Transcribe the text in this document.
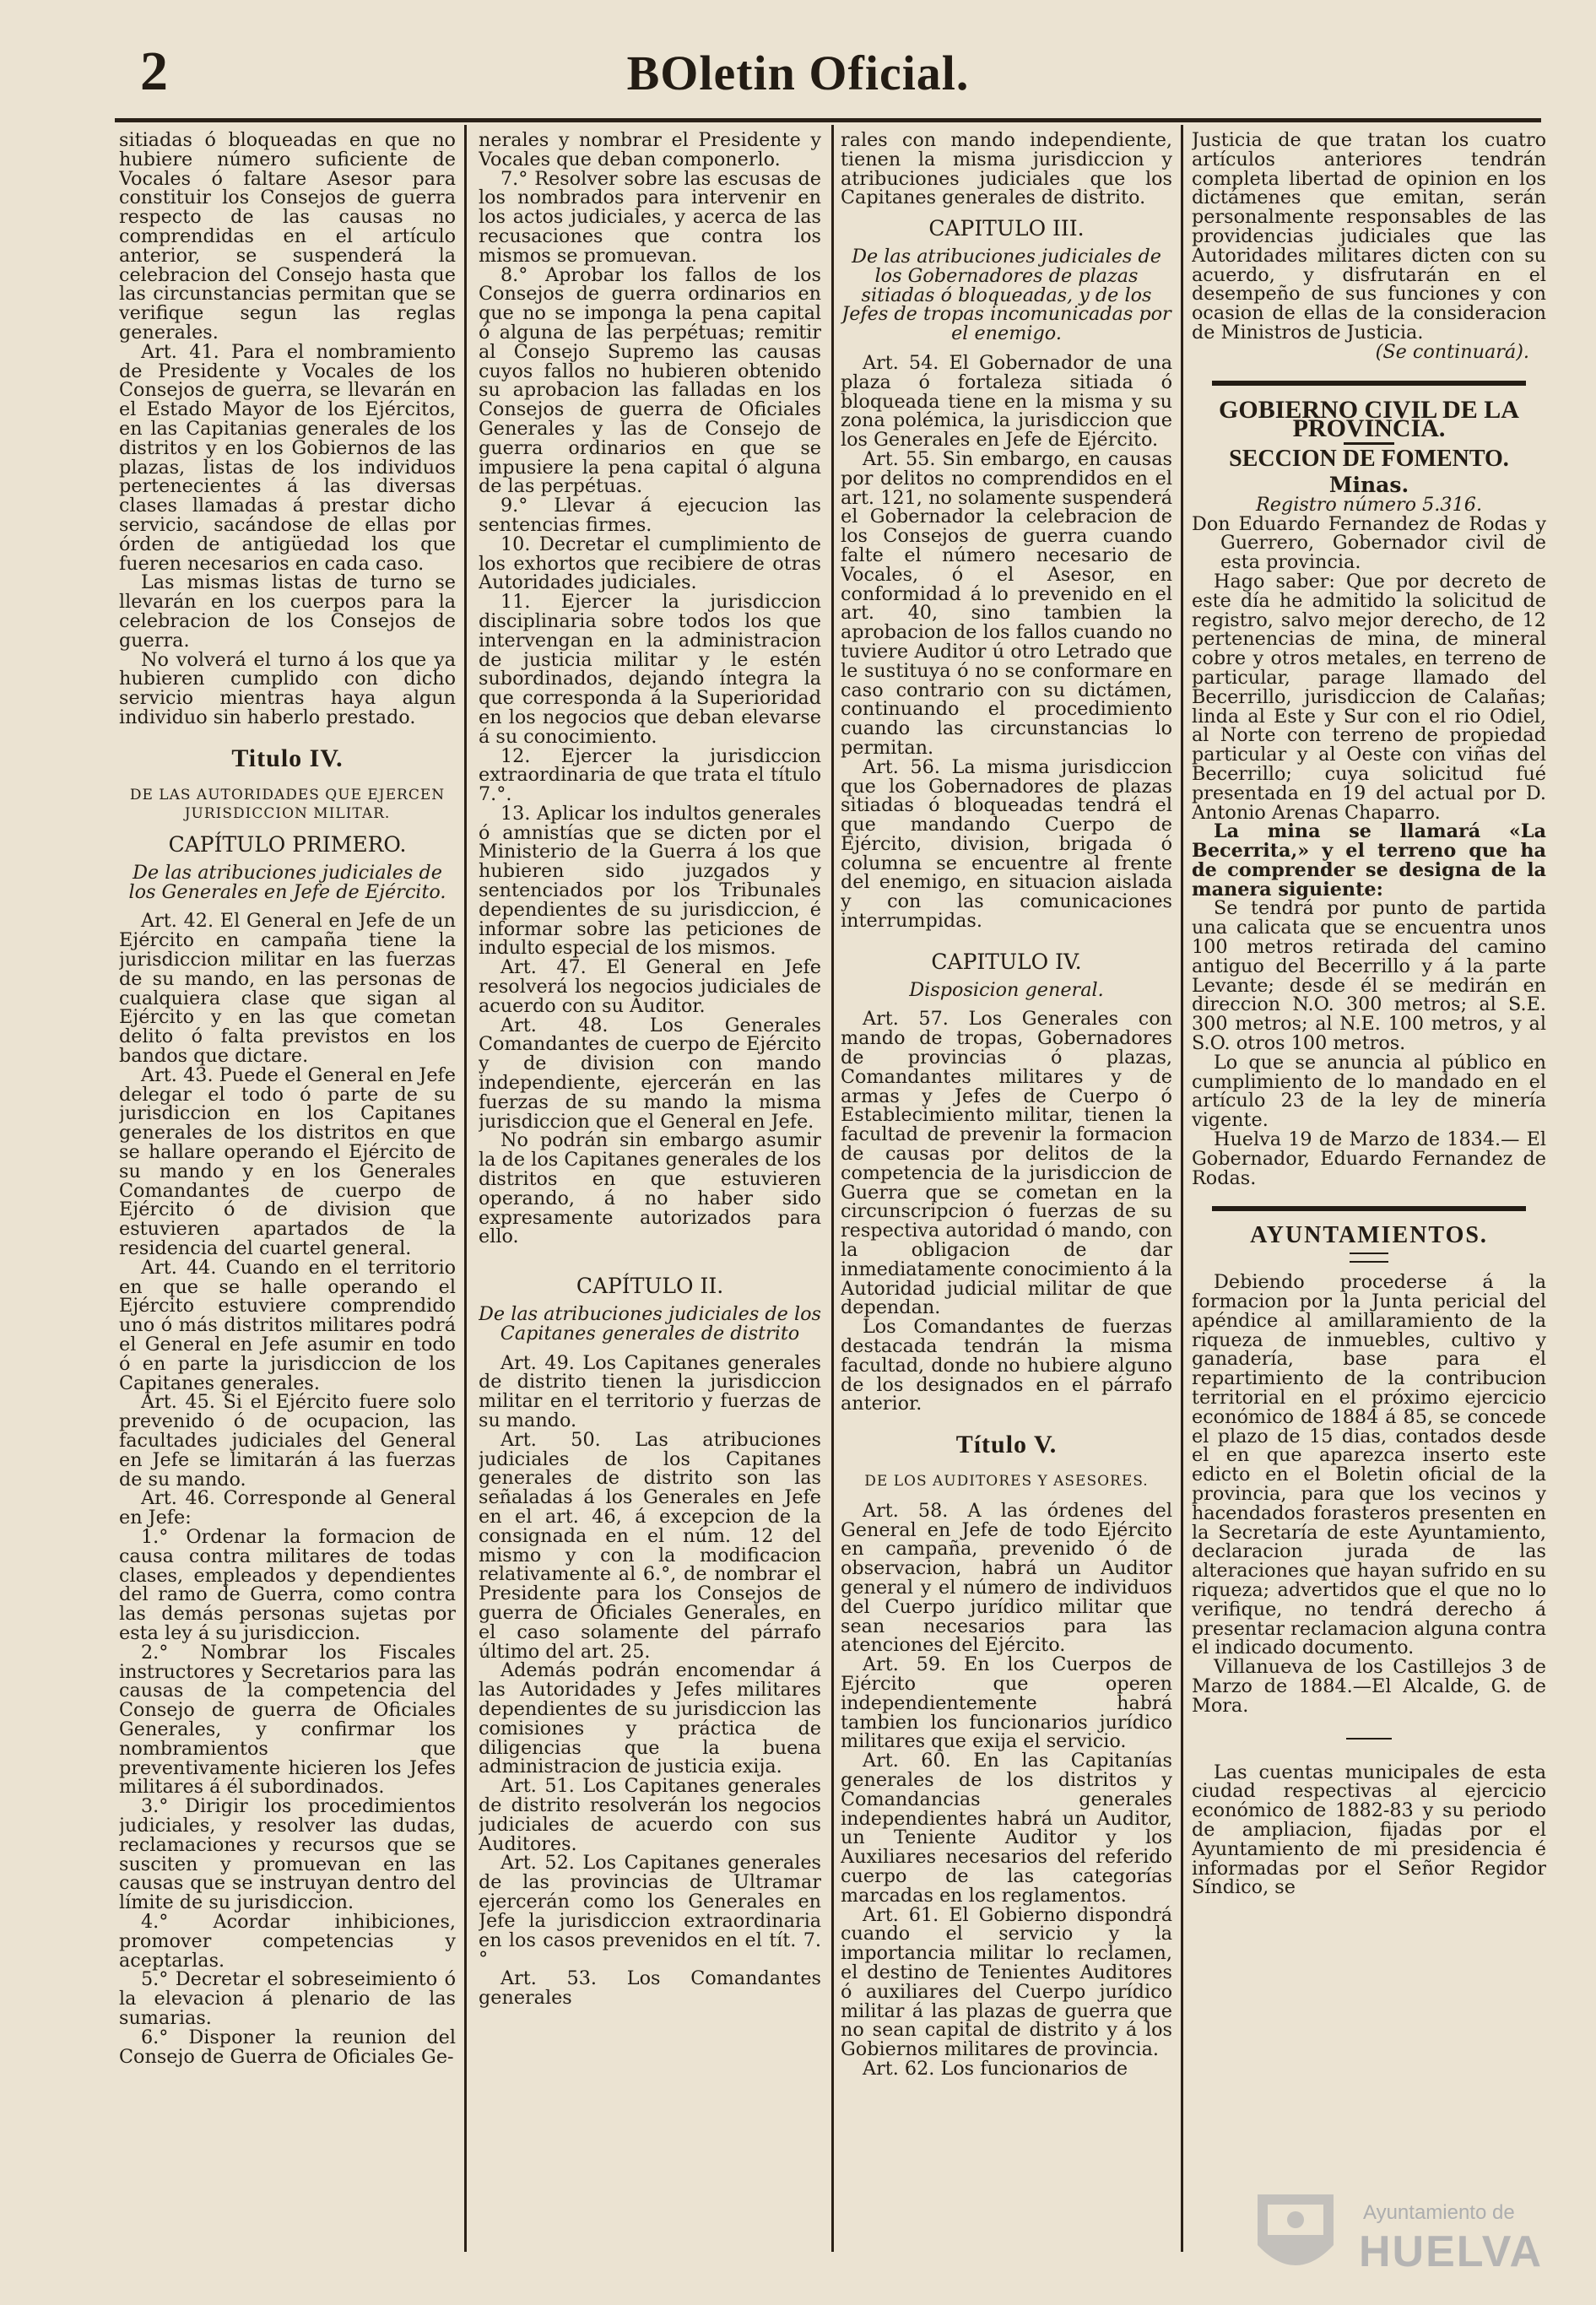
2	BOletin Oficial.

sitiadas ó bloqueadas en que no hubiere número suficiente de Vocales ó faltare Asesor para constituir los Consejos de guerra respecto de las causas no comprendidas en el artículo anterior, se suspenderá la celebracion del Consejo hasta que las circunstancias permitan que se verifique segun las reglas generales.

Art. 41. Para el nombramiento de Presidente y Vocales de los Consejos de guerra, se llevarán en el Estado Mayor de los Ejércitos, en las Capitanias generales de los distritos y en los Gobiernos de las plazas, listas de los individuos pertenecientes á las diversas clases llamadas á prestar dicho servicio, sacándose de ellas por órden de antigüedad los que fueren necesarios en cada caso.

Las mismas listas de turno se llevarán en los cuerpos para la celebracion de los Consejos de guerra.

No volverá el turno á los que ya hubieren cumplido con dicho servicio mientras haya algun individuo sin haberlo prestado.

Titulo IV.
DE LAS AUTORIDADES QUE EJERCEN JURISDICCION MILITAR.
CAPÍTULO PRIMERO.

De las atribuciones judiciales de los Generales en Jefe de Ejército.

Art. 42. El General en Jefe de un Ejército en campaña tiene la jurisdiccion militar en las fuerzas de su mando, en las personas de cualquiera clase que sigan al Ejército y en las que cometan delito ó falta previstos en los bandos que dictare.

Art. 43. Puede el General en Jefe delegar el todo ó parte de su jurisdiccion en los Capitanes generales de los distritos en que se hallare operando el Ejército de su mando y en los Generales Comandantes de cuerpo de Ejército ó de division que estuvieren apartados de la residencia del cuartel general.

Art. 44. Cuando en el territorio en que se halle operando el Ejército estuviere comprendido uno ó más distritos militares podrá el General en Jefe asumir en todo ó en parte la jurisdiccion de los Capitanes generales.

Art. 45. Si el Ejército fuere solo prevenido ó de ocupacion, las facultades judiciales del General en Jefe se limitarán á las fuerzas de su mando.

Art. 46. Corresponde al General en Jefe:

1.° Ordenar la formacion de causa contra militares de todas clases, empleados y dependientes del ramo de Guerra, como contra las demás personas sujetas por esta ley á su jurisdiccion.

2.° Nombrar los Fiscales instructores y Secretarios para las causas de la competencia del Consejo de guerra de Oficiales Generales, y confirmar los nombramientos que preventivamente hicieren los Jefes militares á él subordinados.

3.° Dirigir los procedimientos judiciales, y resolver las dudas, reclamaciones y recursos que se susciten y promuevan en las causas que se instruyan dentro del límite de su jurisdiccion.

4.° Acordar inhibiciones, promover competencias y aceptarlas.

5.° Decretar el sobreseimiento ó la elevacion á plenario de las sumarias.

6.° Disponer la reunion del Consejo de Guerra de Oficiales Ge-

nerales y nombrar el Presidente y Vocales que deban componerlo.

7.° Resolver sobre las escusas de los nombrados para intervenir en los actos judiciales, y acerca de las recusaciones que contra los mismos se promuevan.

8.° Aprobar los fallos de los Consejos de guerra ordinarios en que no se imponga la pena capital ó alguna de las perpétuas; remitir al Consejo Supremo las causas cuyos fallos no hubieren obtenido su aprobacion las falladas en los Consejos de guerra de Oficiales Generales y las de Consejo de guerra ordinarios en que se impusiere la pena capital ó alguna de las perpétuas.

9.° Llevar á ejecucion las sentencias firmes.

10. Decretar el cumplimiento de los exhortos que recibiere de otras Autoridades judiciales.

11. Ejercer la jurisdiccion disciplinaria sobre todos los que intervengan en la administracion de justicia militar y le estén subordinados, dejando íntegra la que corresponda á la Superioridad en los negocios que deban elevarse á su conocimiento.

12. Ejercer la jurisdiccion extraordinaria de que trata el título 7.°.

13. Aplicar los indultos generales ó amnistías que se dicten por el Ministerio de la Guerra á los que hubieren sido juzgados y sentenciados por los Tribunales dependientes de su jurisdiccion, é informar sobre las peticiones de indulto especial de los mismos.

Art. 47. El General en Jefe resolverá los negocios judiciales de acuerdo con su Auditor.

Art. 48. Los Generales Comandantes de cuerpo de Ejército y de division con mando independiente, ejercerán en las fuerzas de su mando la misma jurisdiccion que el General en Jefe.

No podrán sin embargo asumir la de los Capitanes generales de los distritos en que estuvieren operando, á no haber sido expresamente autorizados para ello.

CAPÍTULO II.

De las atribuciones judiciales de los Capitanes generales de distrito

Art. 49. Los Capitanes generales de distrito tienen la jurisdiccion militar en el territorio y fuerzas de su mando.

Art. 50. Las atribuciones judiciales de los Capitanes generales de distrito son las señaladas á los Generales en Jefe en el art. 46, á excepcion de la consignada en el núm. 12 del mismo y con la modificacion relativamente al 6.°, de nombrar el Presidente para los Consejos de guerra de Oficiales Generales, en el caso solamente del párrafo último del art. 25.

Además podrán encomendar á las Autoridades y Jefes militares dependientes de su jurisdiccion las comisiones y práctica de diligencias que la buena administracion de justicia exija.

Art. 51. Los Capitanes generales de distrito resolverán los negocios judiciales de acuerdo con sus Auditores.

Art. 52. Los Capitanes generales de las provincias de Ultramar ejercerán como los Generales en Jefe la jurisdiccion extraordinaria en los casos prevenidos en el tít. 7.°

Art. 53. Los Comandantes generales

rales con mando independiente, tienen la misma jurisdiccion y atribuciones judiciales que los Capitanes generales de distrito.

CAPITULO III.

De las atribuciones judiciales de los Gobernadores de plazas sitiadas ó bloqueadas, y de los Jefes de tropas incomunicadas por el enemigo.

Art. 54. El Gobernador de una plaza ó fortaleza sitiada ó bloqueada tiene en la misma y su zona polémica, la jurisdiccion que los Generales en Jefe de Ejército.

Art. 55. Sin embargo, en causas por delitos no comprendidos en el art. 121, no solamente suspenderá el Gobernador la celebracion de los Consejos de guerra cuando falte el número necesario de Vocales, ó el Asesor, en conformidad á lo prevenido en el art. 40, sino tambien la aprobacion de los fallos cuando no tuviere Auditor ú otro Letrado que le sustituya ó no se conformare en caso contrario con su dictámen, continuando el procedimiento cuando las circunstancias lo permitan.

Art. 56. La misma jurisdiccion que los Gobernadores de plazas sitiadas ó bloqueadas tendrá el que mandando Cuerpo de Ejército, division, brigada ó columna se encuentre al frente del enemigo, en situacion aislada y con las comunicaciones interrumpidas.

CAPITULO IV.

Disposicion general.

Art. 57. Los Generales con mando de tropas, Gobernadores de provincias ó plazas, Comandantes militares y de armas y Jefes de Cuerpo ó Establecimiento militar, tienen la facultad de prevenir la formacion de causas por delitos de la competencia de la jurisdiccion de Guerra que se cometan en la circunscripcion ó fuerzas de su respectiva autoridad ó mando, con la obligacion de dar inmediatamente conocimiento á la Autoridad judicial militar de que dependan.

Los Comandantes de fuerzas destacada tendrán la misma facultad, donde no hubiere alguno de los designados en el párrafo anterior.

Título V.
DE LOS AUDITORES Y ASESORES.

Art. 58. A las órdenes del General en Jefe de todo Ejército en campaña, prevenido ó de observacion, habrá un Auditor general y el número de individuos del Cuerpo jurídico militar que sean necesarios para las atenciones del Ejército.

Art. 59. En los Cuerpos de Ejército que operen independientemente habrá tambien los funcionarios jurídico militares que exija el servicio.

Art. 60. En las Capitanías generales de los distritos y Comandancias generales independientes habrá un Auditor, un Teniente Auditor y los Auxiliares necesarios del referido cuerpo de las categorías marcadas en los reglamentos.

Art. 61. El Gobierno dispondrá cuando el servicio y la importancia militar lo reclamen, el destino de Tenientes Auditores ó auxiliares del Cuerpo jurídico militar á las plazas de guerra que no sean capital de distrito y á los Gobiernos militares de provincia.

Art. 62. Los funcionarios de

Justicia de que tratan los cuatro artículos anteriores tendrán completa libertad de opinion en los dictámenes que emitan, serán personalmente responsables de las providencias judiciales que las Autoridades militares dicten con su acuerdo, y disfrutarán en el desempeño de sus funciones y con ocasion de ellas de la consideracion de Ministros de Justicia.

(Se continuará).

GOBIERNO CIVIL DE LA PROVINCIA.
SECCION DE FOMENTO.
Minas.

Registro número 5.316.

Don Eduardo Fernandez de Rodas y Guerrero, Gobernador civil de esta provincia.

Hago saber: Que por decreto de este día he admitido la solicitud de registro, salvo mejor derecho, de 12 pertenencias de mina, de mineral cobre y otros metales, en terreno de particular, parage llamado del Becerrillo, jurisdiccion de Calañas; linda al Este y Sur con el rio Odiel, al Norte con terreno de propiedad particular y al Oeste con viñas del Becerrillo; cuya solicitud fué presentada en 19 del actual por D. Antonio Arenas Chaparro.

La mina se llamará «La Becerrita,» y el terreno que ha de comprender se designa de la manera siguiente:

Se tendrá por punto de partida una calicata que se encuentra unos 100 metros retirada del camino antiguo del Becerrillo y á la parte Levante; desde él se medirán en direccion N.O. 300 metros; al S.E. 300 metros; al N.E. 100 metros, y al S.O. otros 100 metros.

Lo que se anuncia al público en cumplimiento de lo mandado en el artículo 23 de la ley de minería vigente.

Huelva 19 de Marzo de 1834.— El Gobernador, Eduardo Fernandez de Rodas.

AYUNTAMIENTOS.

Debiendo procederse á la formacion por la Junta pericial del apéndice al amillaramiento de la riqueza de inmuebles, cultivo y ganadería, base para el repartimiento de la contribucion territorial en el próximo ejercicio económico de 1884 á 85, se concede el plazo de 15 dias, contados desde el en que aparezca inserto este edicto en el Boletin oficial de la provincia, para que los vecinos y hacendados forasteros presenten en la Secretaría de este Ayuntamiento, declaracion jurada de las alteraciones que hayan sufrido en su riqueza; advertidos que el que no lo verifique, no tendrá derecho á presentar reclamacion alguna contra el indicado documento.

Villanueva de los Castillejos 3 de Marzo de 1884.—El Alcalde, G. de Mora.

Las cuentas municipales de esta ciudad respectivas al ejercicio económico de 1882-83 y su periodo de ampliacion, fijadas por el Ayuntamiento de mi presidencia é informadas por el Señor Regidor Síndico, se

Ayuntamiento de
HUELVA
